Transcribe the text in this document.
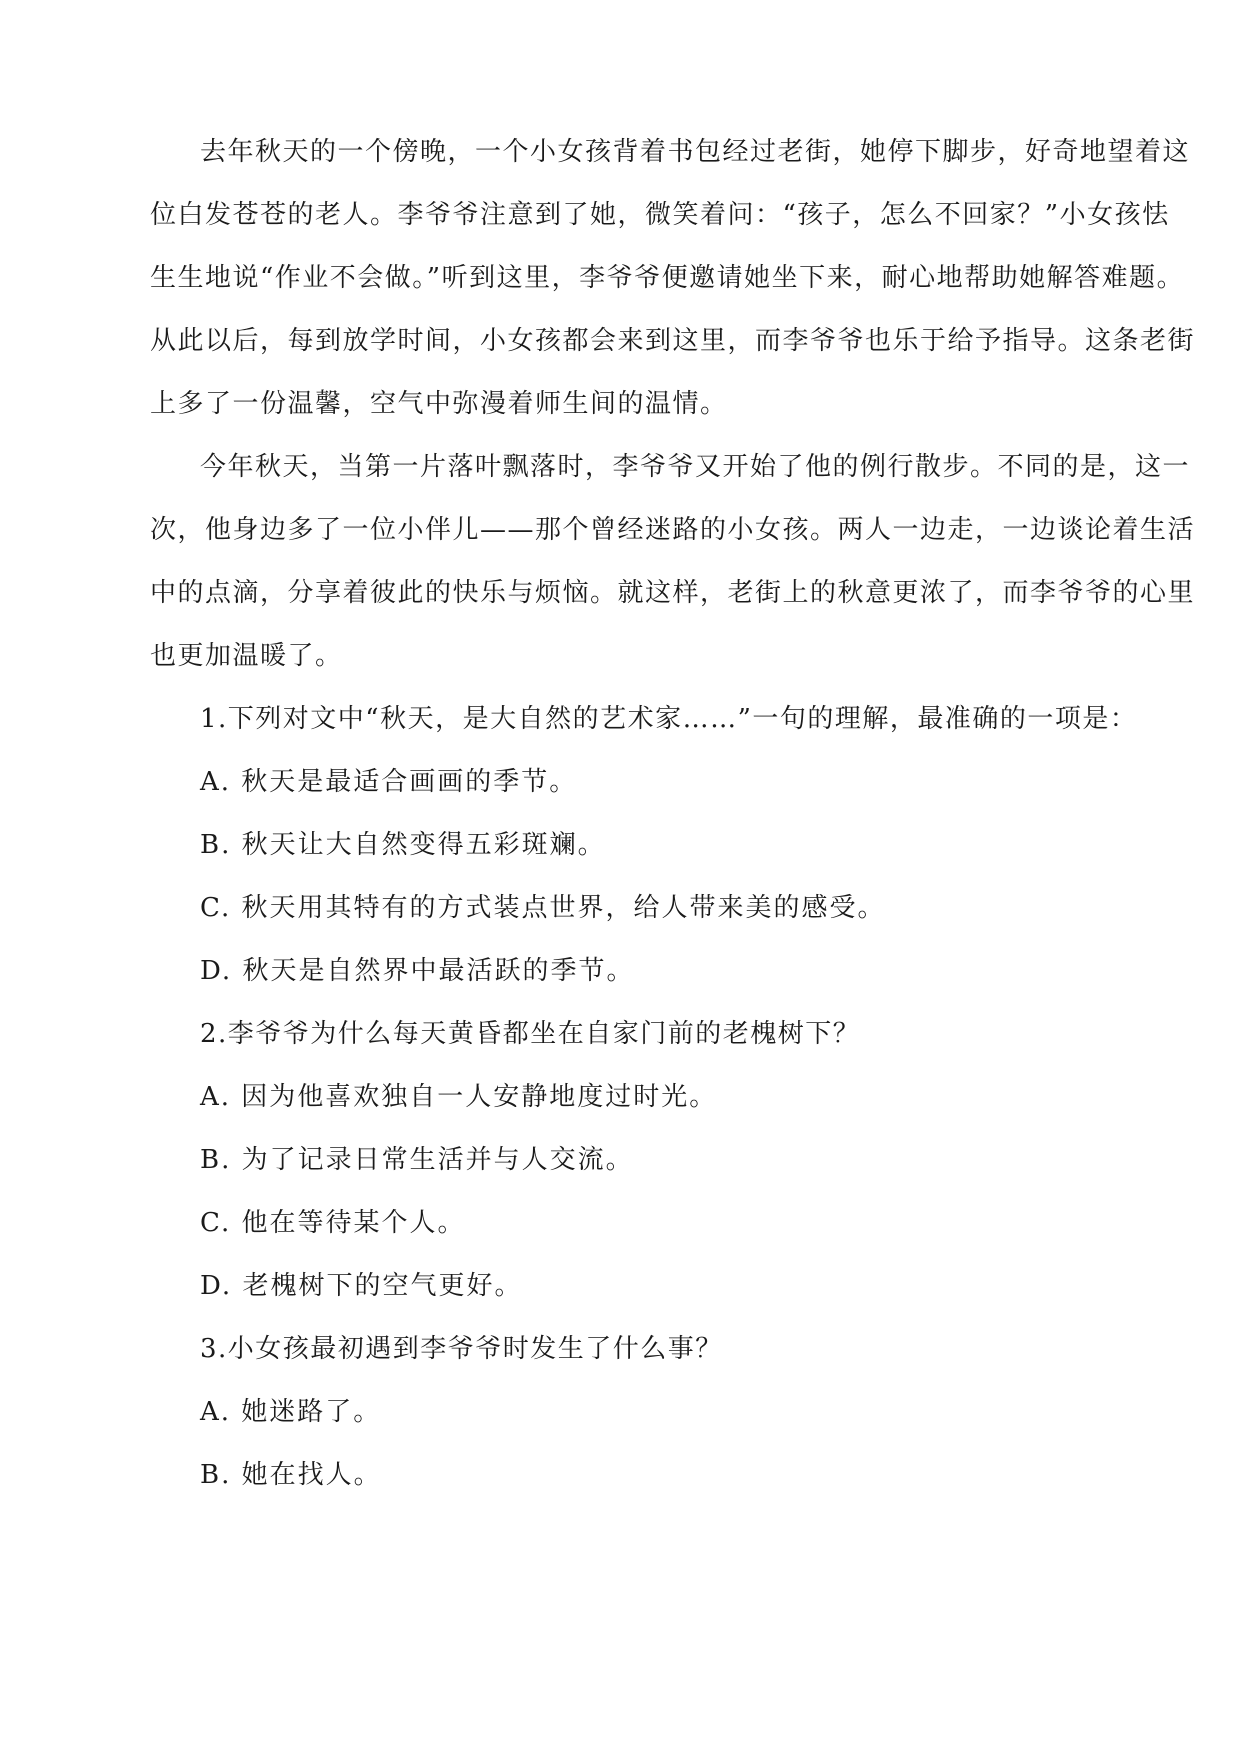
去年秋天的一个傍晚，一个小女孩背着书包经过老街，她停下脚步，好奇地望着这
位白发苍苍的老人。李爷爷注意到了她，微笑着问：“孩子，怎么不回家？”小女孩怯
生生地说“作业不会做。”听到这里，李爷爷便邀请她坐下来，耐心地帮助她解答难题。
从此以后，每到放学时间，小女孩都会来到这里，而李爷爷也乐于给予指导。这条老街
上多了一份温馨，空气中弥漫着师生间的温情。
今年秋天，当第一片落叶飘落时，李爷爷又开始了他的例行散步。不同的是，这一
次，他身边多了一位小伴儿——那个曾经迷路的小女孩。两人一边走，一边谈论着生活
中的点滴，分享着彼此的快乐与烦恼。就这样，老街上的秋意更浓了，而李爷爷的心里
也更加温暖了。
1.下列对文中“秋天，是大自然的艺术家……”一句的理解，最准确的一项是：
A. 秋天是最适合画画的季节。
B. 秋天让大自然变得五彩斑斓。
C. 秋天用其特有的方式装点世界，给人带来美的感受。
D. 秋天是自然界中最活跃的季节。
2.李爷爷为什么每天黄昏都坐在自家门前的老槐树下？
A. 因为他喜欢独自一人安静地度过时光。
B. 为了记录日常生活并与人交流。
C. 他在等待某个人。
D. 老槐树下的空气更好。
3.小女孩最初遇到李爷爷时发生了什么事？
A. 她迷路了。
B. 她在找人。
